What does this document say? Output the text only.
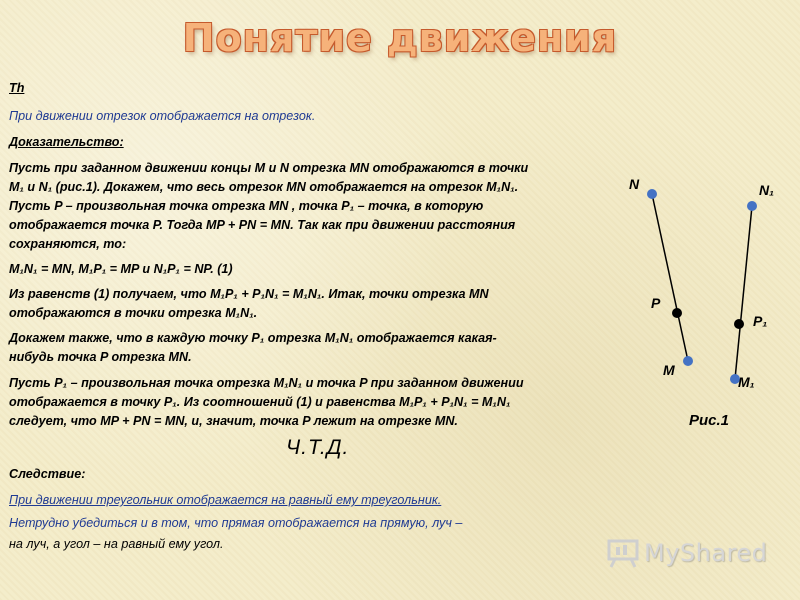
Понятие движения
Th
При движении отрезок отображается на отрезок.
Доказательство:
Пусть при заданном движении концы M и N отрезка MN отображаются в точки
M₁ и N₁ (рис.1). Докажем, что весь отрезок MN отображается на отрезок M₁N₁.
Пусть P – произвольная точка отрезка MN , точка P₁ – точка, в которую
отображается точка P. Тогда MP + PN = MN. Так как при движении расстояния
сохраняются, то:
M₁N₁ = MN, M₁P₁ = MP и N₁P₁ = NP. (1)
Из равенств (1) получаем, что M₁P₁ + P₁N₁ = M₁N₁. Итак, точки отрезка MN
отображаются в точки отрезка M₁N₁.
Докажем также, что в каждую точку P₁ отрезка M₁N₁ отображается какая-
нибудь точка P отрезка MN.
Пусть P₁ – произвольная точка отрезка M₁N₁ и точка P при заданном движении
отображается в точку P₁. Из соотношений (1) и равенства M₁P₁ + P₁N₁ = M₁N₁
следует, что MP + PN = MN, и, значит, точка P лежит на отрезке MN.
Ч.Т.Д.
Следствие:
При движении треугольник отображается на равный ему треугольник.
Нетрудно убедиться и в том, что прямая отображается на прямую, луч –
на луч, а угол – на равный ему угол.
N	N₁
P
P₁
M
M₁
Рис.1
MyShared
